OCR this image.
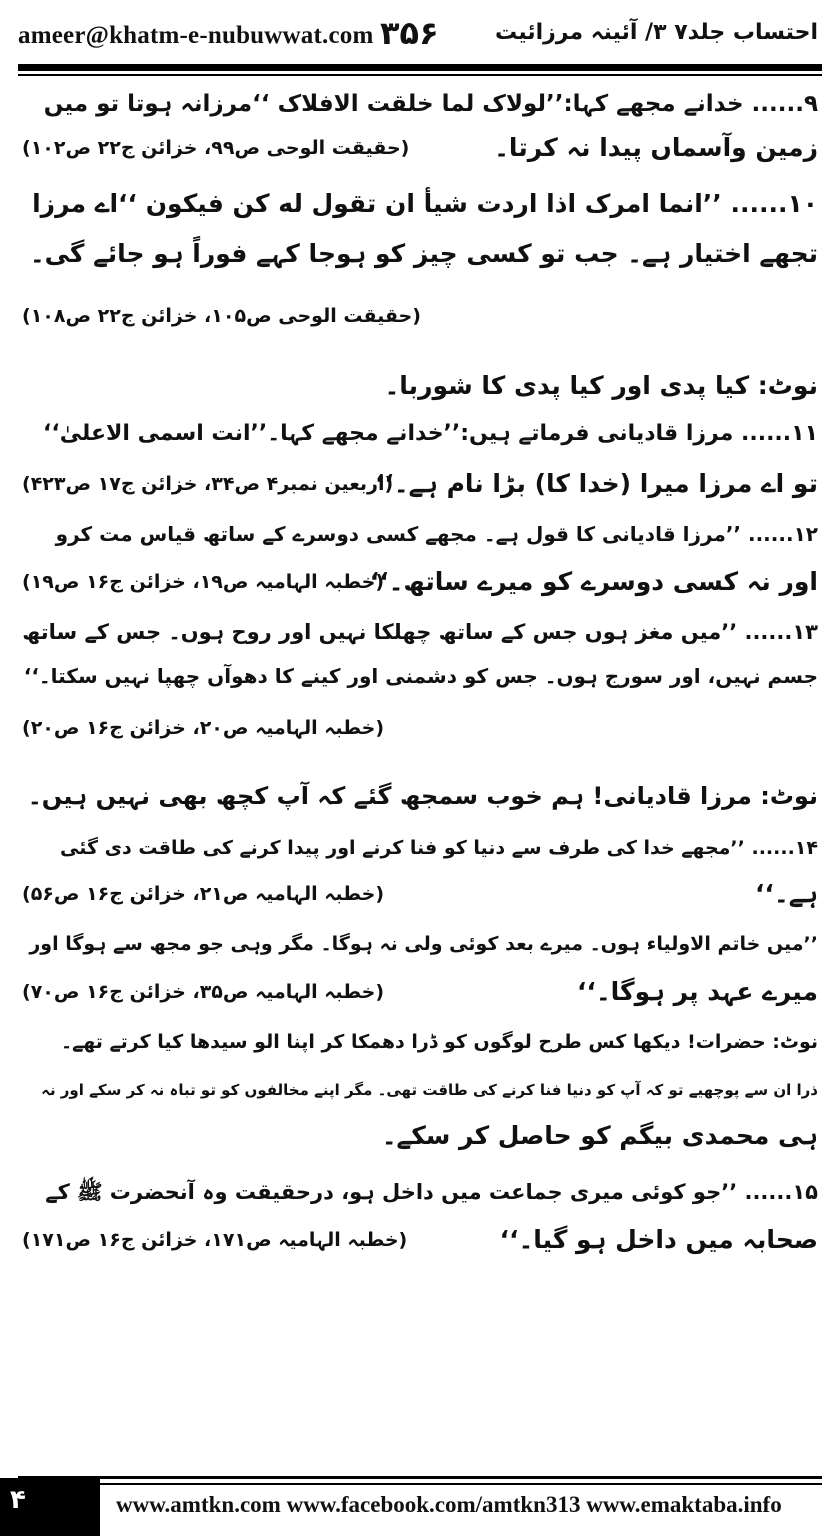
ameer@khatm-e-nubuwwat.com ۳۵۶	احتساب جلد۷ ۳/ آئینہ مرزائیت
۹...... خدانے مجھے کہا:’’لولاک لما خلقت الافلاک ‘‘مرزانہ ہوتا تو میں
زمین وآسماں پیدا نہ کرتا۔
(حقیقت الوحی ص۹۹، خزائن ج۲۲ ص۱۰۲)
۱۰...... ’’انما امرک اذا اردت شیأ ان تقول له کن فیکون ‘‘اے مرزا
تجھے اختیار ہے۔ جب تو کسی چیز کو ہوجا کہے فوراً ہو جائے گی۔
(حقیقت الوحی ص۱۰۵، خزائن ج۲۲ ص۱۰۸)
نوٹ: کیا پدی اور کیا پدی کا شوربا۔
۱۱...... مرزا قادیانی فرماتے ہیں:’’خدانے مجھے کہا۔’’انت اسمی الاعلیٰ‘‘
تو اے مرزا میرا (خدا کا) بڑا نام ہے۔‘‘
(اربعین نمبر۴ ص۳۴، خزائن ج۱۷ ص۴۲۳)
۱۲...... ’’مرزا قادیانی کا قول ہے۔ مجھے کسی دوسرے کے ساتھ قیاس مت کرو
اور نہ کسی دوسرے کو میرے ساتھ۔‘‘
(خطبہ الہامیہ ص۱۹، خزائن ج۱۶ ص۱۹)
۱۳...... ’’میں مغز ہوں جس کے ساتھ چھلکا نہیں اور روح ہوں۔ جس کے ساتھ
جسم نہیں، اور سورج ہوں۔ جس کو دشمنی اور کینے کا دھوآں چھپا نہیں سکتا۔‘‘
(خطبہ الہامیہ ص۲۰، خزائن ج۱۶ ص۲۰)
نوٹ: مرزا قادیانی! ہم خوب سمجھ گئے کہ آپ کچھ بھی نہیں ہیں۔
۱۴...... ’’مجھے خدا کی طرف سے دنیا کو فنا کرنے اور پیدا کرنے کی طاقت دی گئی
ہے۔‘‘
(خطبہ الہامیہ ص۲۱، خزائن ج۱۶ ص۵۶)
’’میں خاتم الاولیاء ہوں۔ میرے بعد کوئی ولی نہ ہوگا۔ مگر وہی جو مجھ سے ہوگا اور
میرے عہد پر ہوگا۔‘‘
(خطبہ الہامیہ ص۳۵، خزائن ج۱۶ ص۷۰)
نوٹ: حضرات! دیکھا کس طرح لوگوں کو ڈرا دھمکا کر اپنا الو سیدھا کیا کرتے تھے۔
ذرا ان سے پوچھیے تو کہ آپ کو دنیا فنا کرنے کی طاقت تھی۔ مگر اپنے مخالفوں کو تو تباہ نہ کر سکے اور نہ
ہی محمدی بیگم کو حاصل کر سکے۔
۱۵...... ’’جو کوئی میری جماعت میں داخل ہو، درحقیقت وہ آنحضرت ﷺ کے
صحابہ میں داخل ہو گیا۔‘‘
(خطبہ الہامیہ ص۱۷۱، خزائن ج۱۶ ص۱۷۱)
۴	www.amtkn.com www.facebook.com/amtkn313 www.emaktaba.info
